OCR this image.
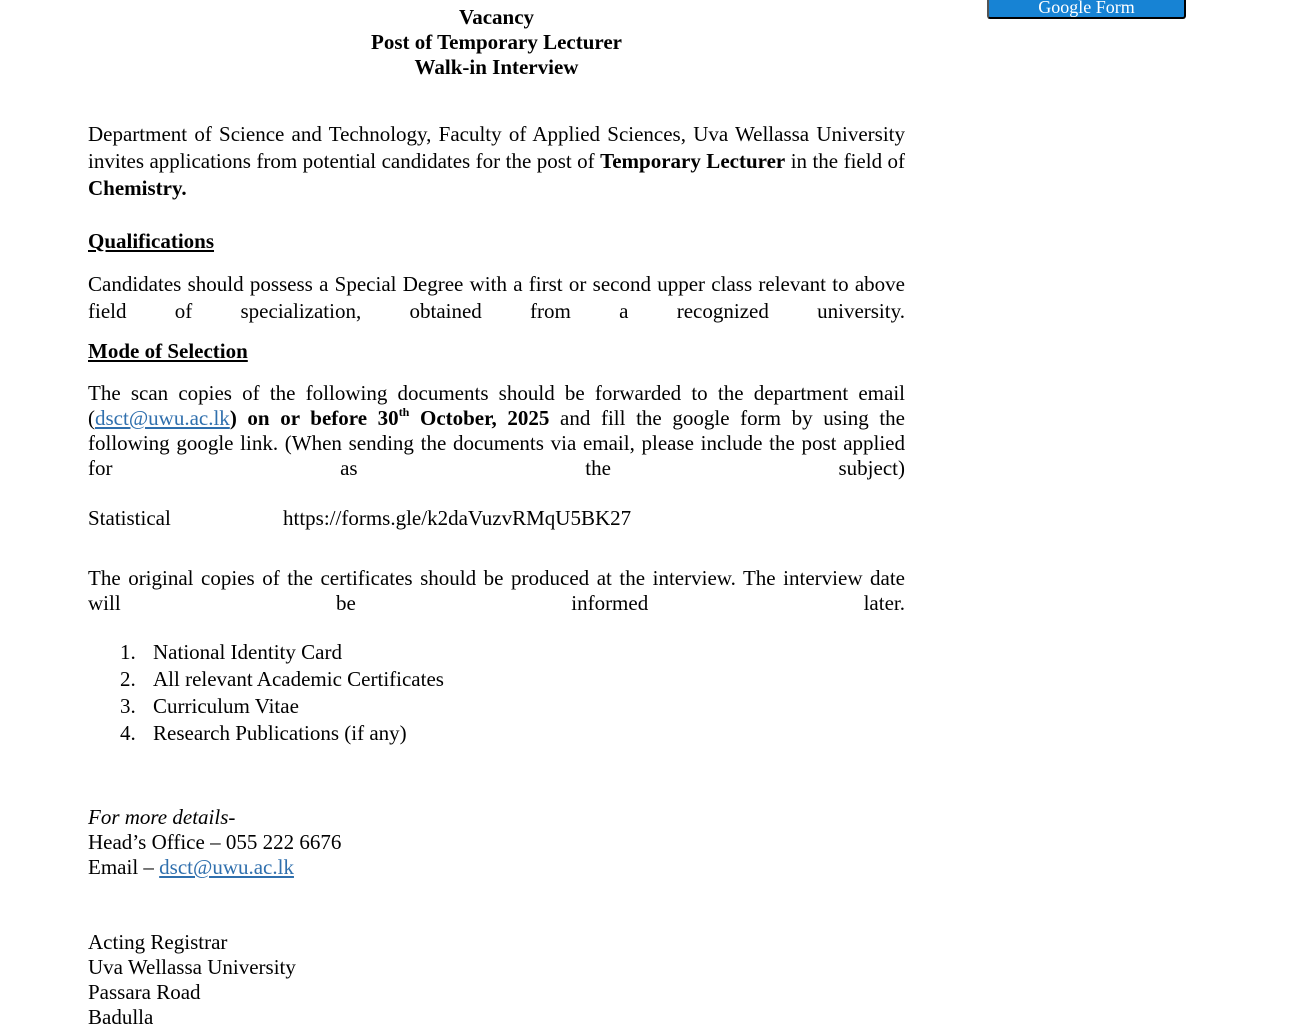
Google Form
Vacancy
Post of Temporary Lecturer
Walk-in Interview
Department of Science and Technology, Faculty of Applied Sciences, Uva Wellassa University invites applications from potential candidates for the post of Temporary Lecturer in the field of Chemistry.
Qualifications
Candidates should possess a Special Degree with a first or second upper class relevant to above field of specialization, obtained from a recognized university.
Mode of Selection
The scan copies of the following documents should be forwarded to the department email (dsct@uwu.ac.lk) on or before 30th October, 2025 and fill the google form by using the following google link. (When sending the documents via email, please include the post applied for as the subject)
Statistical	https://forms.gle/k2daVuzvRMqU5BK27
The original copies of the certificates should be produced at the interview. The interview date will be informed later.
1. National Identity Card
2. All relevant Academic Certificates
3. Curriculum Vitae
4. Research Publications (if any)
For more details-
Head’s Office – 055 222 6676
Email – dsct@uwu.ac.lk
Acting Registrar
Uva Wellassa University
Passara Road
Badulla
